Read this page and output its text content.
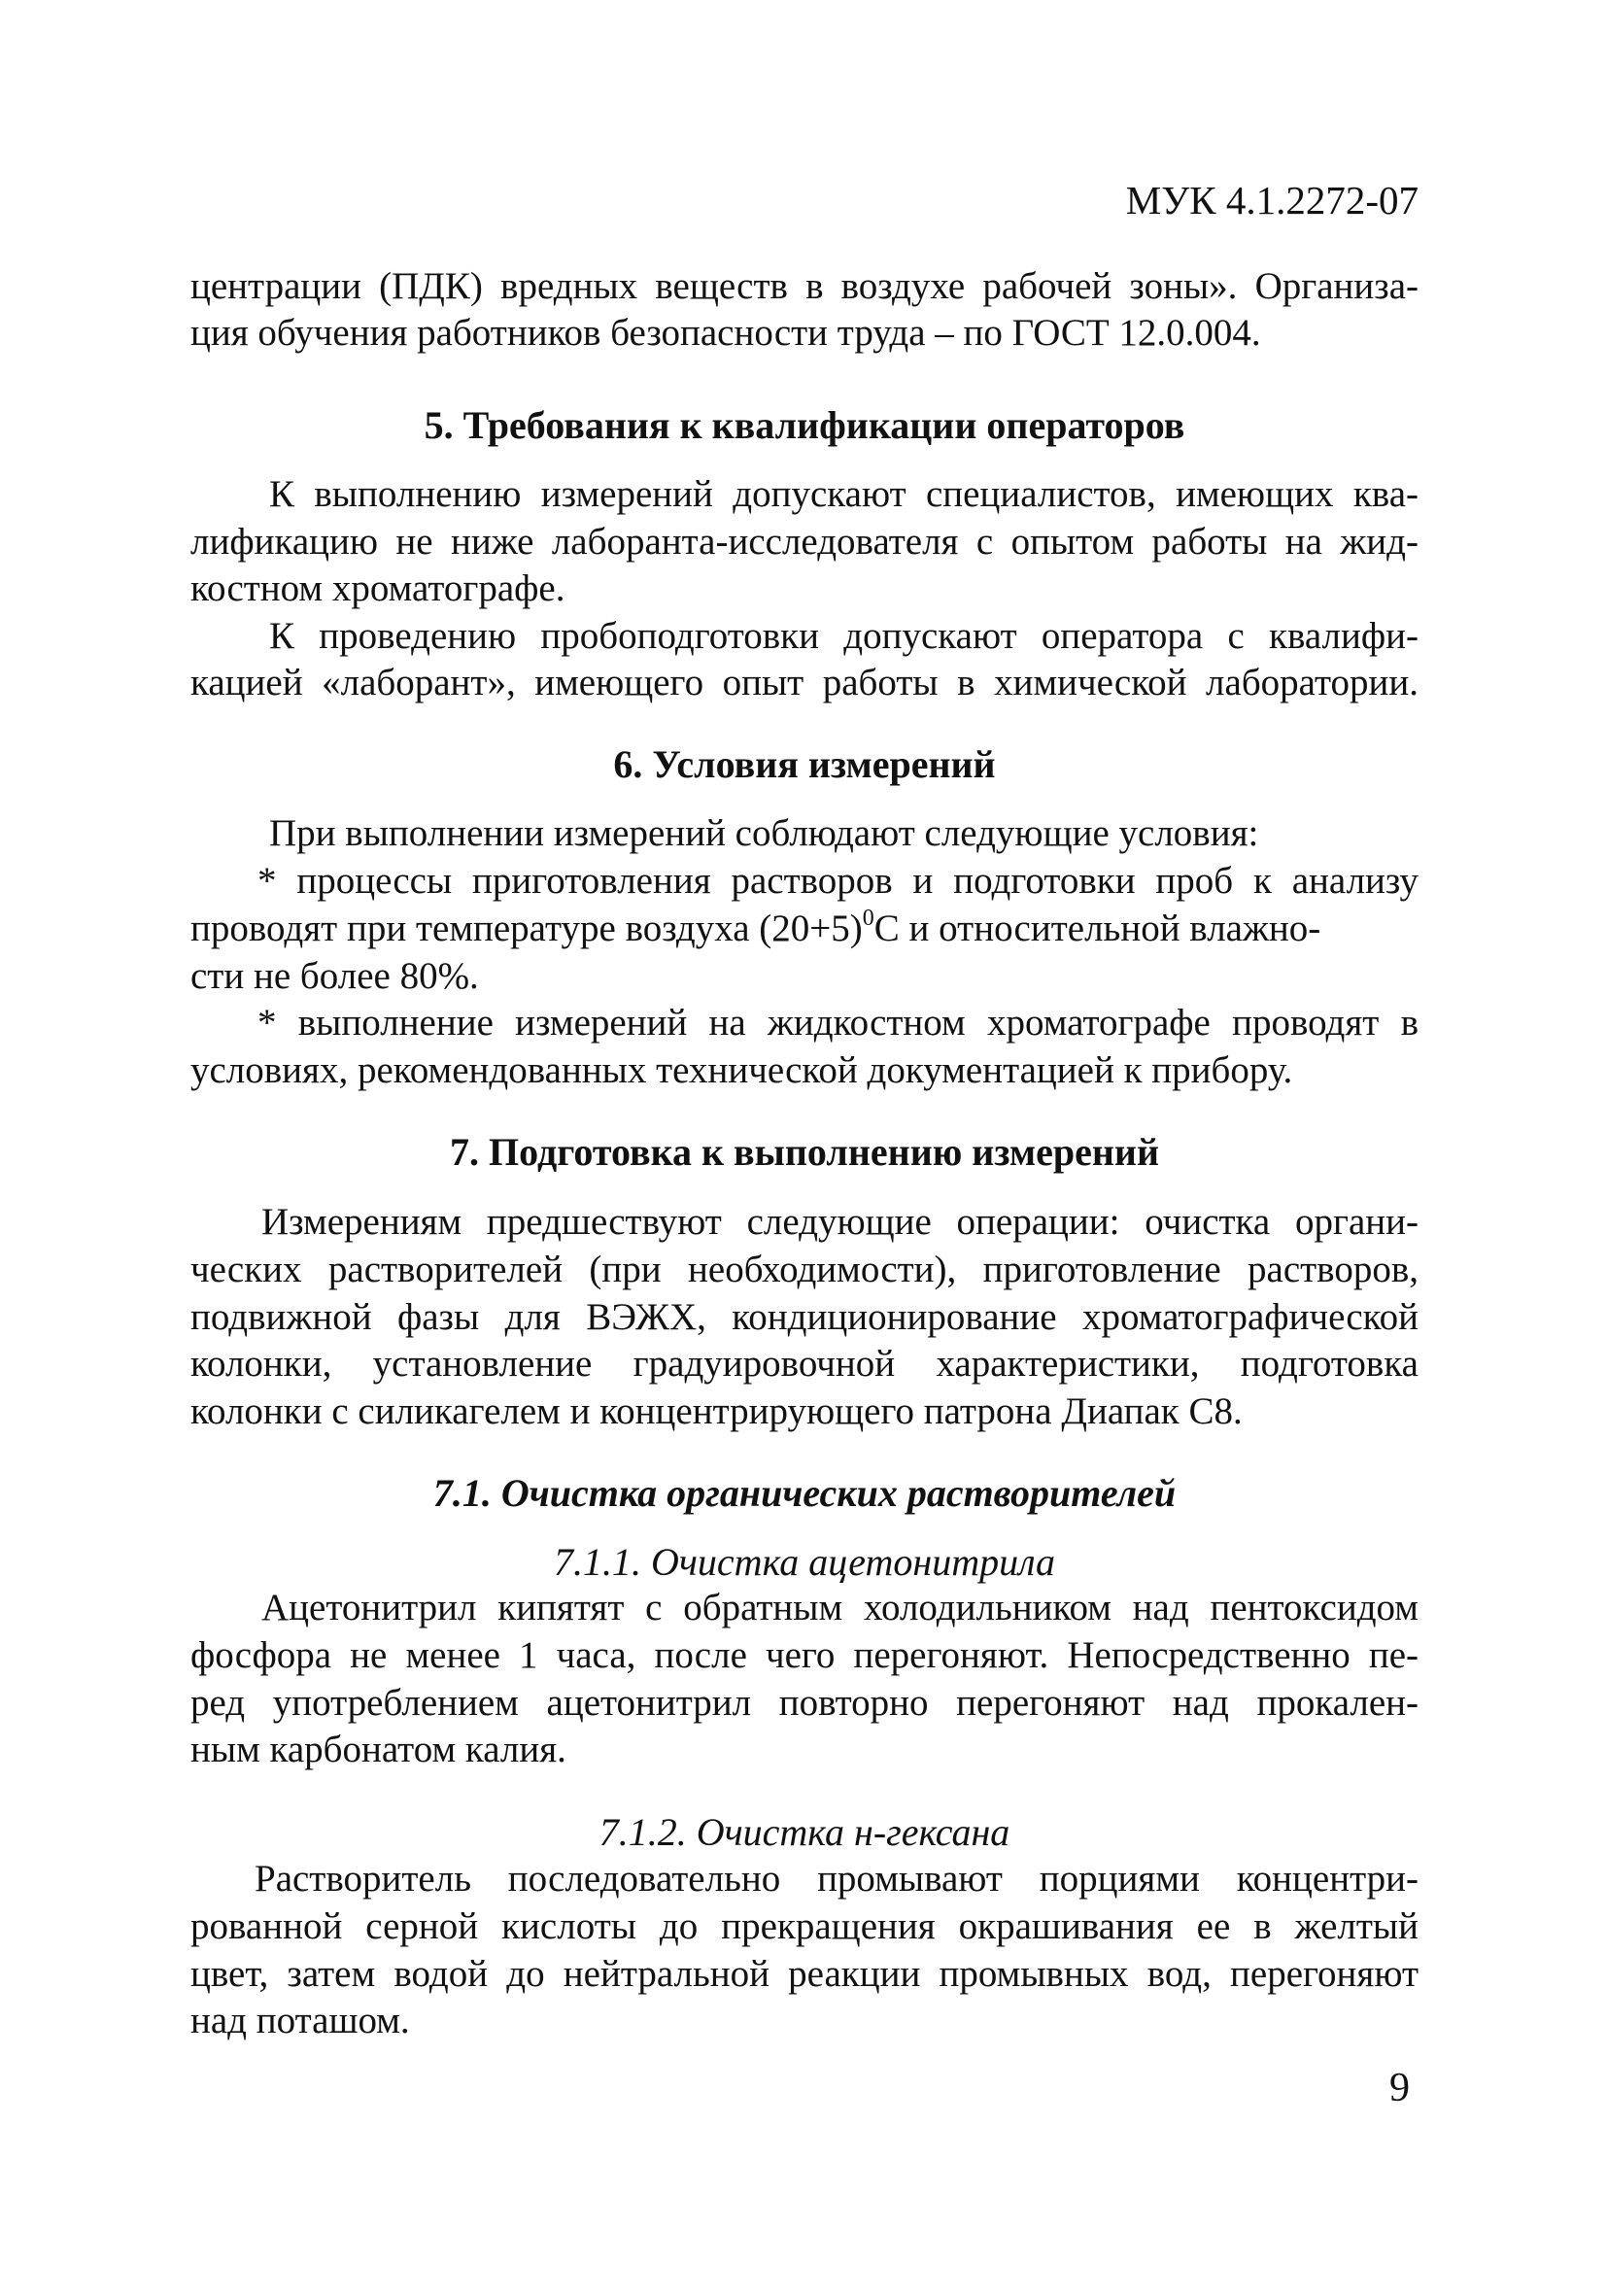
МУК 4.1.2272-07
центрации (ПДК) вредных веществ в воздухе рабочей зоны». Организа-
ция обучения работников безопасности труда – по ГОСТ 12.0.004.
5. Требования к квалификации операторов
К выполнению измерений допускают специалистов, имеющих ква-
лификацию не ниже лаборанта-исследователя с опытом работы на жид-
костном хроматографе.
К проведению пробоподготовки допускают оператора с квалифи-
кацией «лаборант», имеющего опыт работы в химической лаборатории.
6. Условия измерений
При выполнении измерений соблюдают следующие условия:
* процессы приготовления растворов и подготовки проб к анализу
проводят при температуре воздуха $(20+5)^0С$ и относительной влажно-
сти не более 80%.
* выполнение измерений на жидкостном хроматографе проводят в
условиях, рекомендованных технической документацией к прибору.
7. Подготовка к выполнению измерений
Измерениям предшествуют следующие операции: очистка органи-
ческих растворителей (при необходимости), приготовление растворов,
подвижной фазы для ВЭЖХ, кондиционирование хроматографической
колонки, установление градуировочной характеристики, подготовка
колонки с силикагелем и концентрирующего патрона Диапак С8.
7.1. Очистка органических растворителей
7.1.1. Очистка ацетонитрила
Ацетонитрил кипятят с обратным холодильником над пентоксидом
фосфора не менее 1 часа, после чего перегоняют. Непосредственно пе-
ред употреблением ацетонитрил повторно перегоняют над прокален-
ным карбонатом калия.
7.1.2. Очистка н-гексана
Растворитель последовательно промывают порциями концентри-
рованной серной кислоты до прекращения окрашивания ее в желтый
цвет, затем водой до нейтральной реакции промывных вод, перегоняют
над поташом.
9
